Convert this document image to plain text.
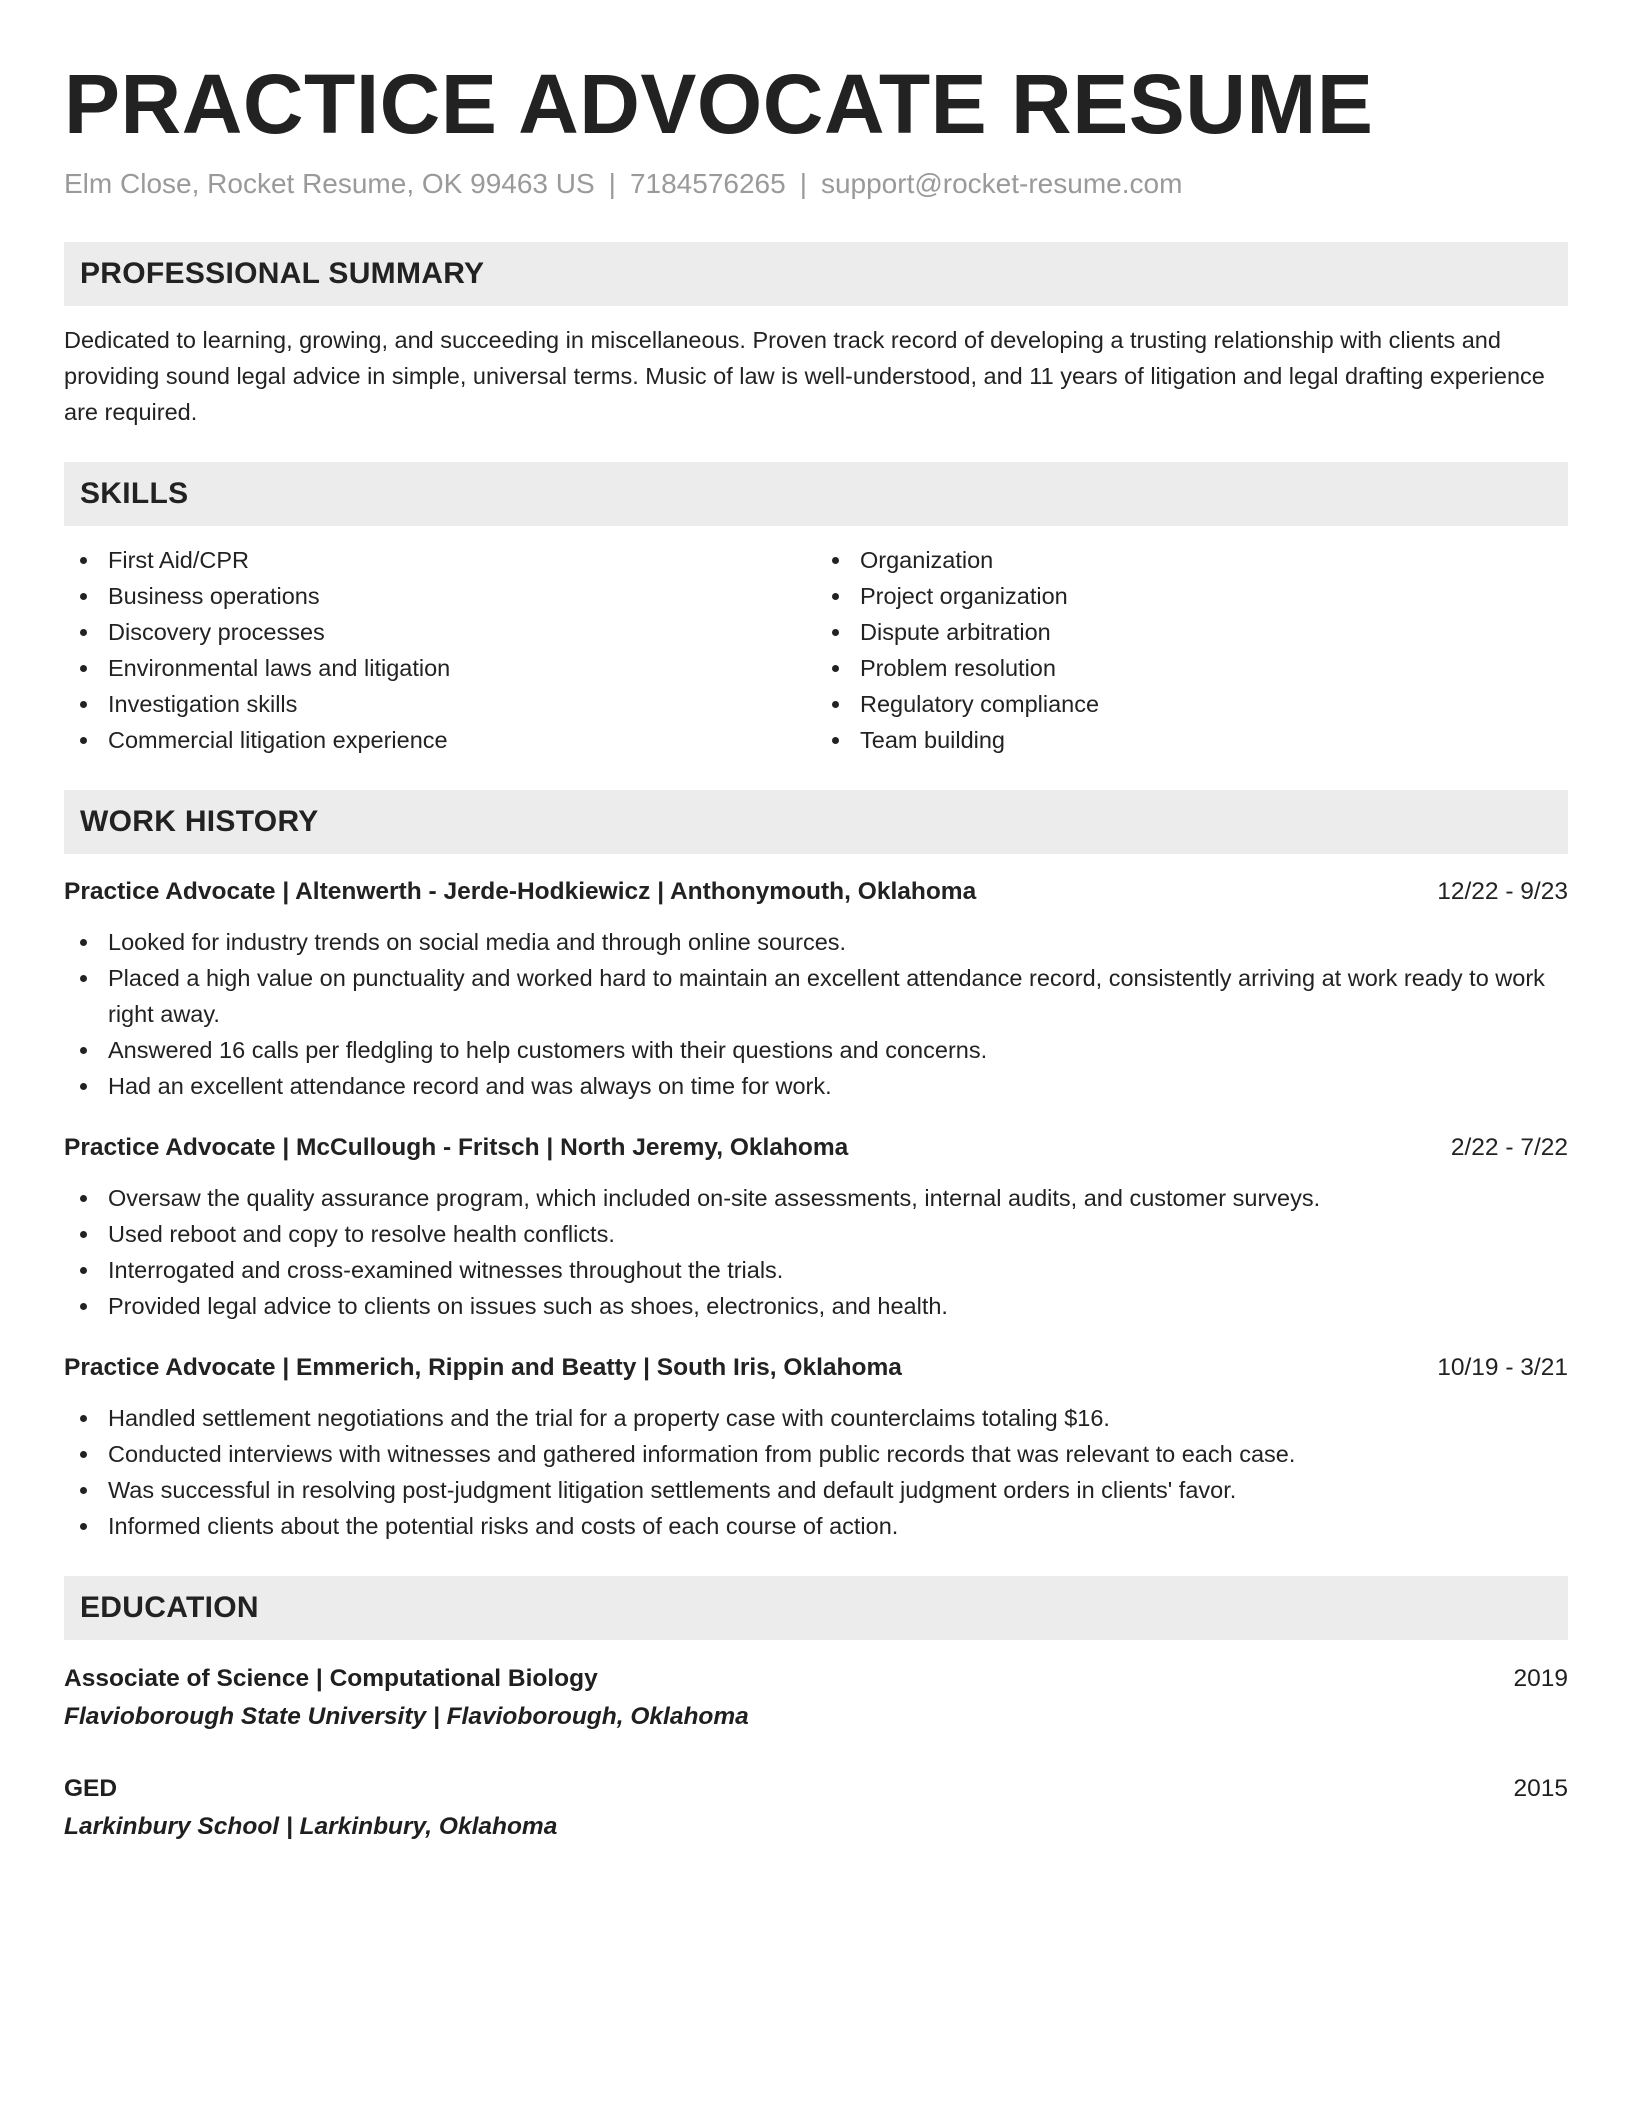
PRACTICE ADVOCATE RESUME
Elm Close, Rocket Resume, OK 99463 US | 7184576265 | support@rocket-resume.com
PROFESSIONAL SUMMARY

Dedicated to learning, growing, and succeeding in miscellaneous. Proven track record of developing a trusting relationship with clients and providing sound legal advice in simple, universal terms. Music of law is well-understood, and 11 years of litigation and legal drafting experience are required.

SKILLS
First Aid/CPR
Business operations
Discovery processes
Environmental laws and litigation
Investigation skills
Commercial litigation experience
Organization
Project organization
Dispute arbitration
Problem resolution
Regulatory compliance
Team building
WORK HISTORY
Practice Advocate | Altenwerth - Jerde-Hodkiewicz | Anthonymouth, Oklahoma	12/22 - 9/23
Looked for industry trends on social media and through online sources.
Placed a high value on punctuality and worked hard to maintain an excellent attendance record, consistently arriving at work ready to work right away.
Answered 16 calls per fledgling to help customers with their questions and concerns.
Had an excellent attendance record and was always on time for work.
Practice Advocate | McCullough - Fritsch | North Jeremy, Oklahoma	2/22 - 7/22
Oversaw the quality assurance program, which included on-site assessments, internal audits, and customer surveys.
Used reboot and copy to resolve health conflicts.
Interrogated and cross-examined witnesses throughout the trials.
Provided legal advice to clients on issues such as shoes, electronics, and health.
Practice Advocate | Emmerich, Rippin and Beatty | South Iris, Oklahoma	10/19 - 3/21
Handled settlement negotiations and the trial for a property case with counterclaims totaling $16.
Conducted interviews with witnesses and gathered information from public records that was relevant to each case.
Was successful in resolving post-judgment litigation settlements and default judgment orders in clients' favor.
Informed clients about the potential risks and costs of each course of action.
EDUCATION
Associate of Science | Computational Biology	2019
Flavioborough State University | Flavioborough, Oklahoma
GED	2015
Larkinbury School | Larkinbury, Oklahoma
